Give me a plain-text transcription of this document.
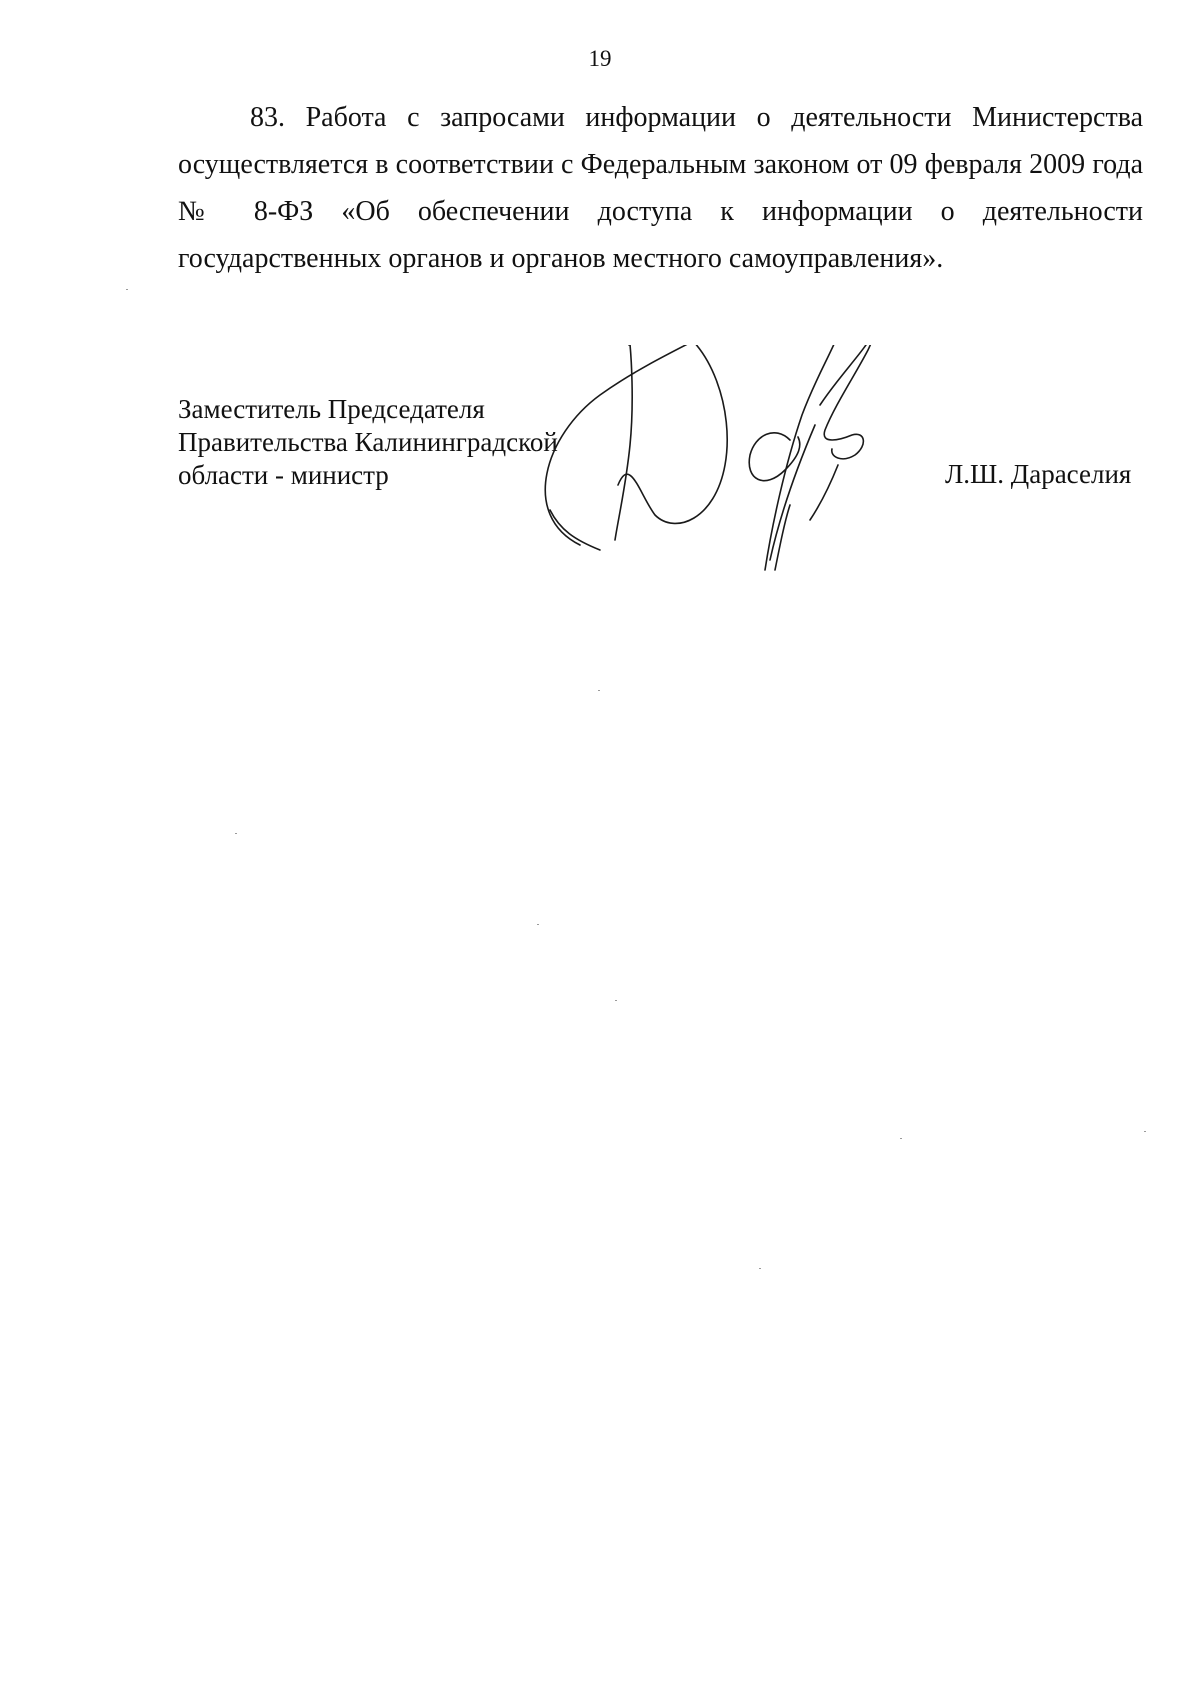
19

83. Работа с запросами информации о деятельности Министерства осуществляется в соответствии с Федеральным законом от 09 февраля 2009 года № 8-ФЗ «Об обеспечении доступа к информации о деятельности государственных органов и органов местного самоуправления».

Заместитель Председателя
Правительства Калининградской
области - министр	Л.Ш. Дараселия
